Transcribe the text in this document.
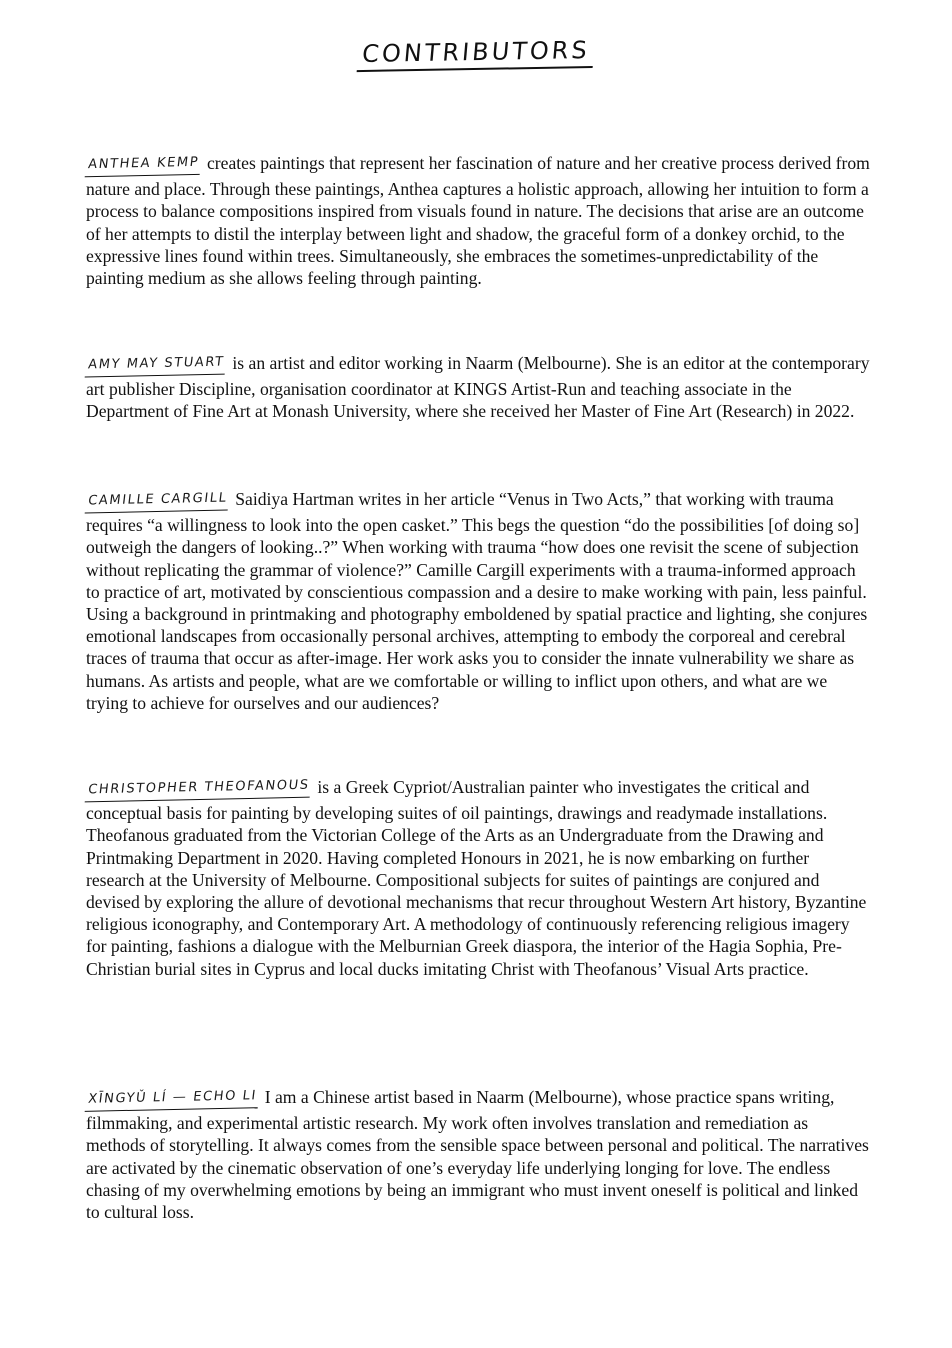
CONTRIBUTORS
ANTHEA KEMP creates paintings that represent her fascination of nature and her creative process derived from nature and place. Through these paintings, Anthea captures a holistic approach, allowing her intuition to form a process to balance compositions inspired from visuals found in nature. The decisions that arise are an outcome of her attempts to distil the interplay between light and shadow, the graceful form of a donkey orchid, to the expressive lines found within trees. Simultaneously, she embraces the sometimes-unpredictability of the painting medium as she allows feeling through painting.
AMY MAY STUART is an artist and editor working in Naarm (Melbourne). She is an editor at the contemporary art publisher Discipline, organisation coordinator at KINGS Artist-Run and teaching associate in the Department of Fine Art at Monash University, where she received her Master of Fine Art (Research) in 2022.
CAMILLE CARGILL Saidiya Hartman writes in her article “Venus in Two Acts,” that working with trauma requires “a willingness to look into the open casket.” This begs the question “do the possibilities [of doing so] outweigh the dangers of looking..?” When working with trauma “how does one revisit the scene of subjection without replicating the grammar of violence?” Camille Cargill experiments with a trauma-informed approach to practice of art, motivated by conscientious compassion and a desire to make working with pain, less painful. Using a background in printmaking and photography emboldened by spatial practice and lighting, she conjures emotional landscapes from occasionally personal archives, attempting to embody the corporeal and cerebral traces of trauma that occur as after-image. Her work asks you to consider the innate vulnerability we share as humans. As artists and people, what are we comfortable or willing to inflict upon others, and what are we trying to achieve for ourselves and our audiences?
CHRISTOPHER THEOFANOUS is a Greek Cypriot/Australian painter who investigates the critical and conceptual basis for painting by developing suites of oil paintings, drawings and readymade installations. Theofanous graduated from the Victorian College of the Arts as an Undergraduate from the Drawing and Printmaking Department in 2020. Having completed Honours in 2021, he is now embarking on further research at the University of Melbourne. Compositional subjects for suites of paintings are conjured and devised by exploring the allure of devotional mechanisms that recur throughout Western Art history, Byzantine religious iconography, and Contemporary Art. A methodology of continuously referencing religious imagery for painting, fashions a dialogue with the Melburnian Greek diaspora, the interior of the Hagia Sophia, Pre-Christian burial sites in Cyprus and local ducks imitating Christ with Theofanous’ Visual Arts practice.
XĪNGYǓ LÍ — ECHO LI I am a Chinese artist based in Naarm (Melbourne), whose practice spans writing, filmmaking, and experimental artistic research. My work often involves translation and remediation as methods of storytelling. It always comes from the sensible space between personal and political. The narratives are activated by the cinematic observation of one’s everyday life underlying longing for love. The endless chasing of my overwhelming emotions by being an immigrant who must invent oneself is political and linked to cultural loss.
